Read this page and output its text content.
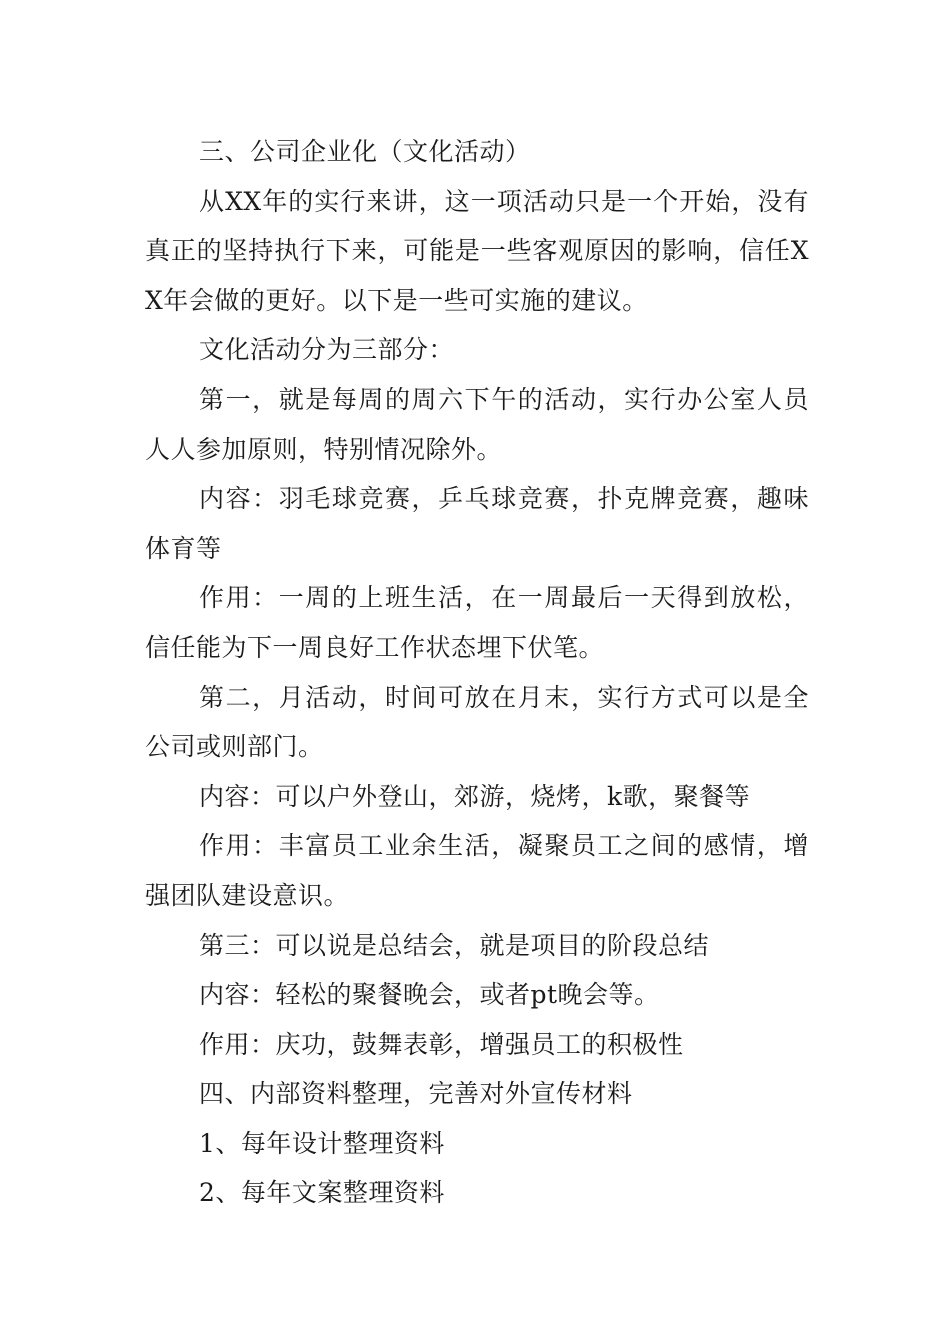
三、公司企业化（文化活动）

从XX年的实行来讲，这一项活动只是一个开始，没有真正的坚持执行下来，可能是一些客观原因的影响，信任XX年会做的更好。以下是一些可实施的建议。

文化活动分为三部分：

第一，就是每周的周六下午的活动，实行办公室人员人人参加原则，特别情况除外。

内容：羽毛球竞赛，乒乓球竞赛，扑克牌竞赛，趣味体育等

作用：一周的上班生活，在一周最后一天得到放松，信任能为下一周良好工作状态埋下伏笔。

第二，月活动，时间可放在月末，实行方式可以是全公司或则部门。

内容：可以户外登山，郊游，烧烤，k歌，聚餐等

作用：丰富员工业余生活，凝聚员工之间的感情，增强团队建设意识。

第三：可以说是总结会，就是项目的阶段总结

内容：轻松的聚餐晚会，或者pt晚会等。

作用：庆功，鼓舞表彰，增强员工的积极性

四、内部资料整理，完善对外宣传材料

1、每年设计整理资料

2、每年文案整理资料
